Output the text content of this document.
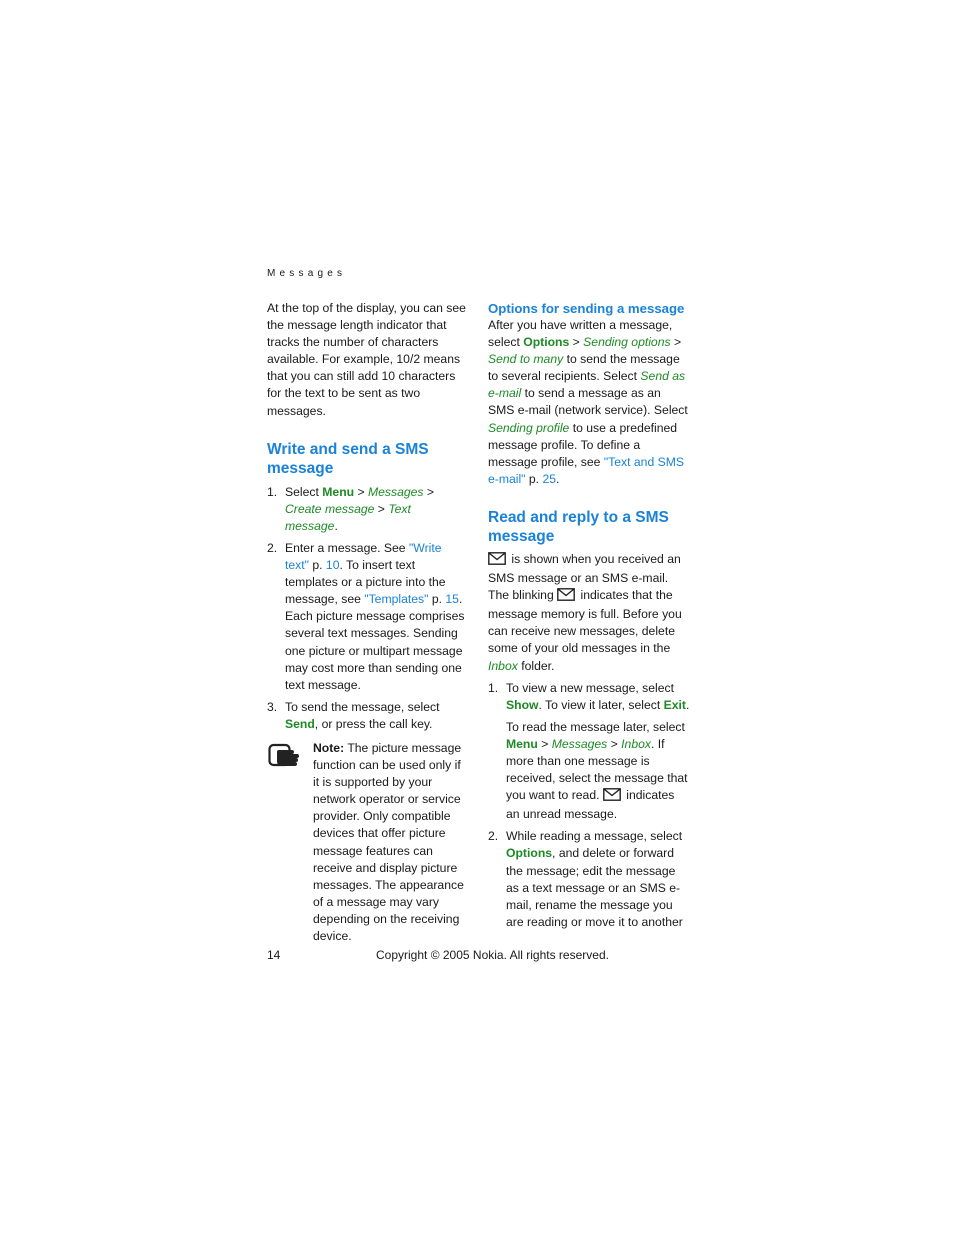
Messages

At the top of the display, you can see the message length indicator that tracks the number of characters available. For example, 10/2 means that you can still add 10 characters for the text to be sent as two messages.

Write and send a SMS message
1. Select Menu > Messages > Create message > Text message.
2. Enter a message. See "Write text" p. 10. To insert text templates or a picture into the message, see "Templates" p. 15. Each picture message comprises several text messages. Sending one picture or multipart message may cost more than sending one text message.
3. To send the message, select Send, or press the call key.

Note: The picture message function can be used only if it is supported by your network operator or service provider. Only compatible devices that offer picture message features can receive and display picture messages. The appearance of a message may vary depending on the receiving device.

Options for sending a message

After you have written a message, select Options > Sending options > Send to many to send the message to several recipients. Select Send as e-mail to send a message as an SMS e-mail (network service). Select Sending profile to use a predefined message profile. To define a message profile, see "Text and SMS e-mail" p. 25.

Read and reply to a SMS message

is shown when you received an SMS message or an SMS e-mail. The blinking  indicates that the message memory is full. Before you can receive new messages, delete some of your old messages in the Inbox folder.

1. To view a new message, select Show. To view it later, select Exit.
To read the message later, select Menu > Messages > Inbox. If more than one message is received, select the message that you want to read.  indicates an unread message.
2. While reading a message, select Options, and delete or forward the message; edit the message as a text message or an SMS e-mail, rename the message you are reading or move it to another
14	Copyright © 2005 Nokia. All rights reserved.
